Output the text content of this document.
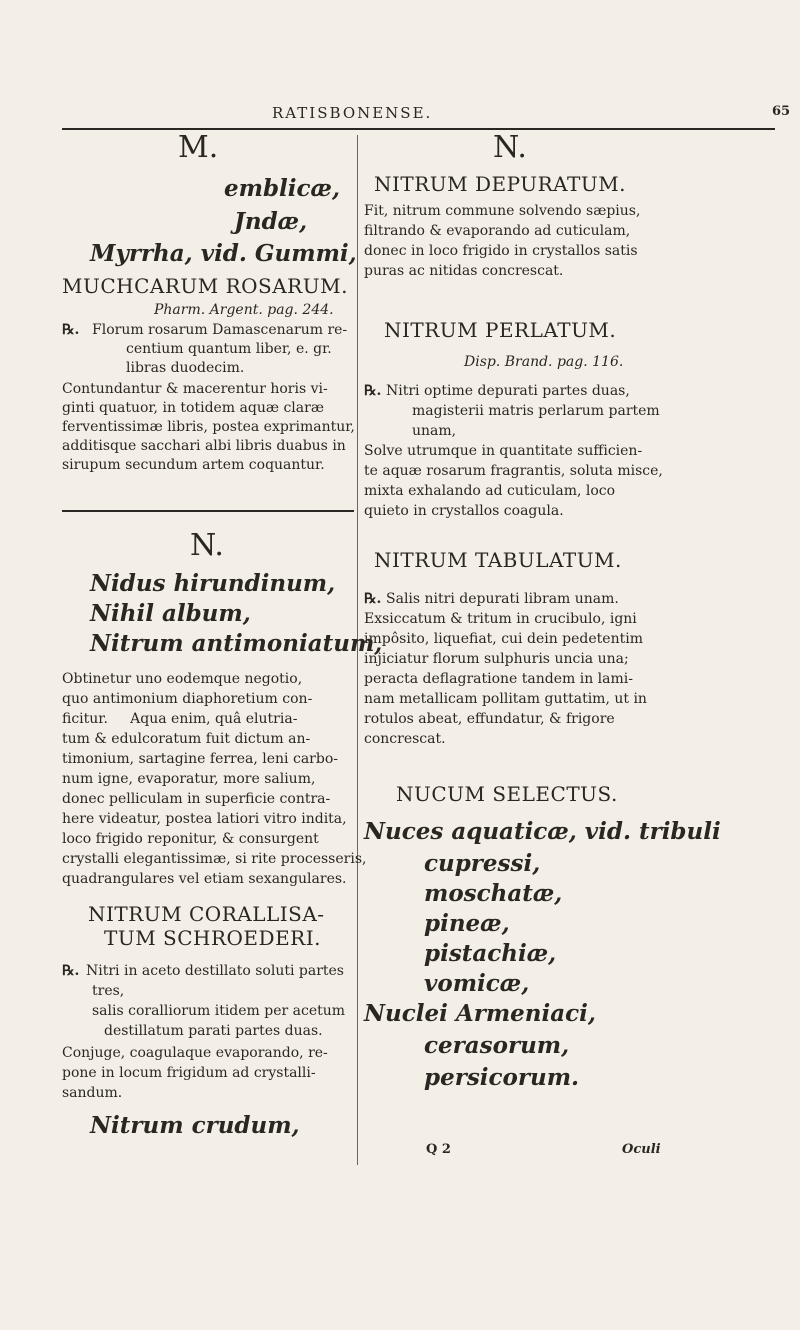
RATISBONENSE.	65
M.
emblicæ,
Jndæ,
Myrrha, vid. Gummi,
MUCHCARUM ROSARUM.
Pharm. Argent. pag. 244.
℞. Florum rosarum Damascenarum re-
centium quantum liber, e. gr.
libras duodecim.
Contundantur & macerentur horis vi-
ginti quatuor, in totidem aquæ claræ
ferventissimæ libris, postea exprimantur,
additisque sacchari albi libris duabus in
sirupum secundum artem coquantur.
N.
Nidus hirundinum,
Nihil album,
Nitrum antimoniatum,
Obtinetur uno eodemque negotio,
quo antimonium diaphoretium con-
ficitur.     Aqua enim, quâ elutria-
tum & edulcoratum fuit dictum an-
timonium, sartagine ferrea, leni carbo-
num igne, evaporatur, more salium,
donec pelliculam in superficie contra-
here videatur, postea latiori vitro indita,
loco frigido reponitur, & consurgent
crystalli elegantissimæ, si rite processeris,
quadrangulares vel etiam sexangulares.
NITRUM CORALLISA-
TUM SCHROEDERI.
℞. Nitri in aceto destillato soluti partes
tres,
salis coralliorum itidem per acetum
destillatum parati partes duas.
Conjuge, coagulaque evaporando, re-
pone in locum frigidum ad crystalli-
sandum.
Nitrum crudum,
N.
NITRUM DEPURATUM.
Fit, nitrum commune solvendo sæpius,
filtrando & evaporando ad cuticulam,
donec in loco frigido in crystallos satis
puras ac nitidas concrescat.
NITRUM PERLATUM.
Disp. Brand. pag. 116.
℞. Nitri optime depurati partes duas,
magisterii matris perlarum partem
unam,
Solve utrumque in quantitate sufficien-
te aquæ rosarum fragrantis, soluta misce,
mixta exhalando ad cuticulam, loco
quieto in crystallos coagula.
NITRUM TABULATUM.
℞. Salis nitri depurati libram unam.
Exsiccatum & tritum in crucibulo, igni
impôsito, liquefiat, cui dein pedetentim
injiciatur florum sulphuris uncia una;
peracta deflagratione tandem in lami-
nam metallicam pollitam guttatim, ut in
rotulos abeat, effundatur, & frigore
concrescat.
NUCUM SELECTUS.
Nuces aquaticæ, vid. tribuli
cupressi,
moschatæ,
pineæ,
pistachiæ,
vomicæ,
Nuclei Armeniaci,
cerasorum,
persicorum.
Q 2	Oculi
